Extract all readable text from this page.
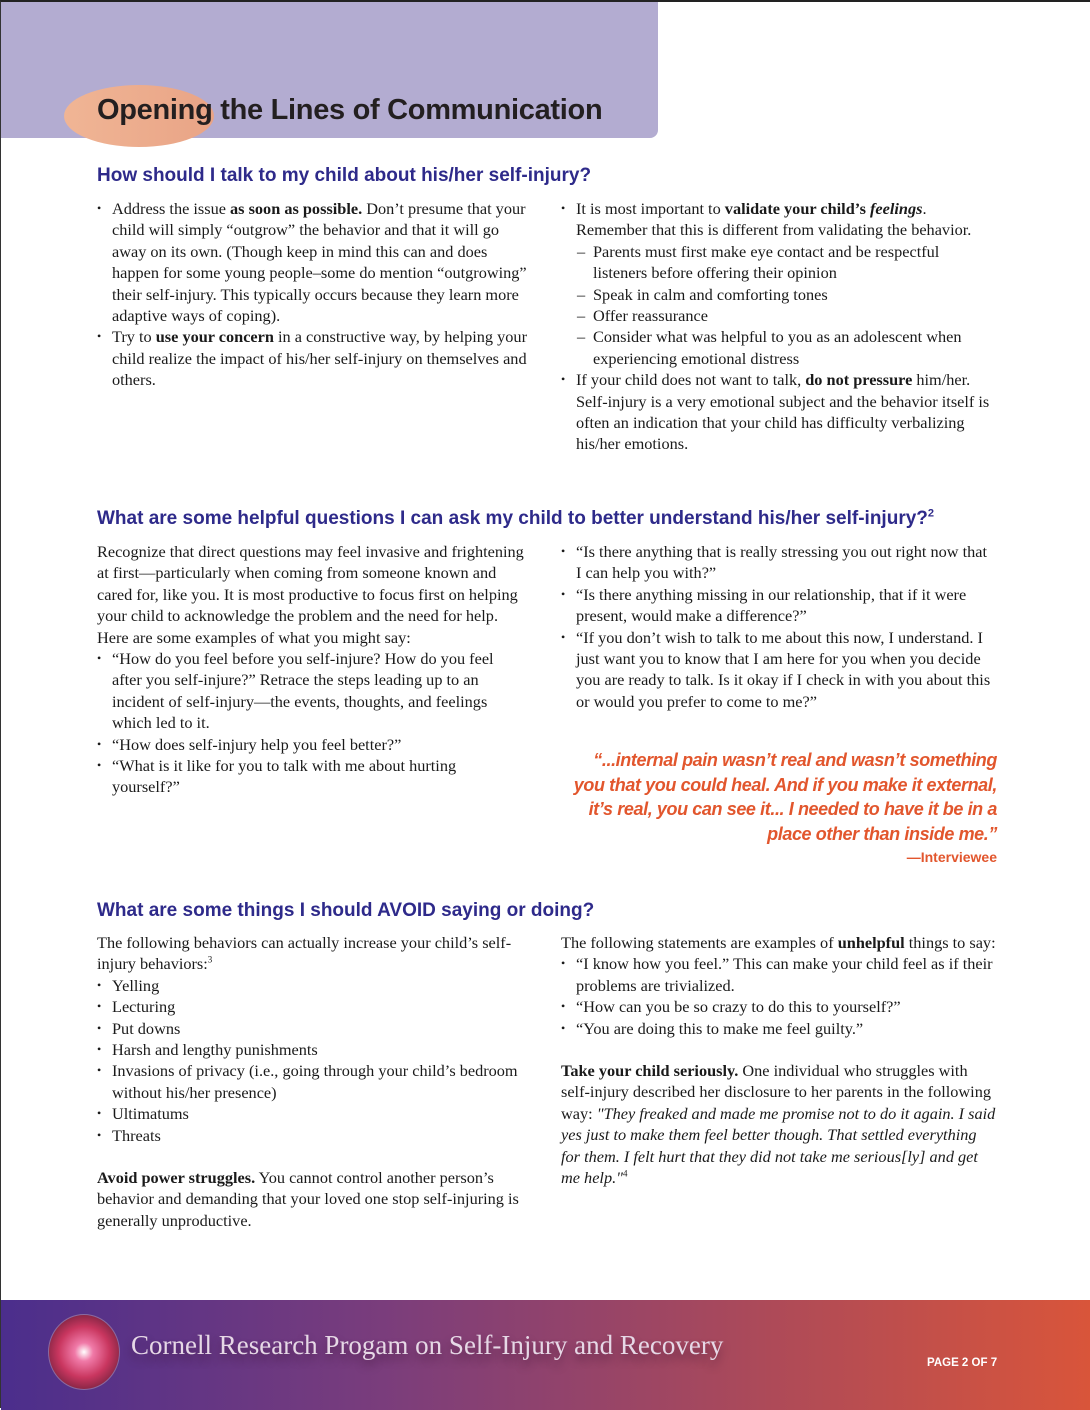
Opening the Lines of Communication
How should I talk to my child about his/her self-injury?
• Address the issue as soon as possible. Don’t presume that your child will simply “outgrow” the behavior and that it will go away on its own. (Though keep in mind this can and does happen for some young people–some do mention “outgrowing” their self-injury. This typically occurs because they learn more adaptive ways of coping).
• Try to use your concern in a constructive way, by helping your child realize the impact of his/her self-injury on themselves and others.
• It is most important to validate your child’s feelings. Remember that this is different from validating the behavior.
– Parents must first make eye contact and be respectful listeners before offering their opinion
– Speak in calm and comforting tones
– Offer reassurance
– Consider what was helpful to you as an adolescent when experiencing emotional distress
• If your child does not want to talk, do not pressure him/her. Self-injury is a very emotional subject and the behavior itself is often an indication that your child has difficulty verbalizing his/her emotions.
What are some helpful questions I can ask my child to better understand his/her self-injury?$^2$
Recognize that direct questions may feel invasive and frightening at first—particularly when coming from someone known and cared for, like you. It is most productive to focus first on helping your child to acknowledge the problem and the need for help. Here are some examples of what you might say:
• “How do you feel before you self-injure? How do you feel after you self-injure?” Retrace the steps leading up to an incident of self-injury—the events, thoughts, and feelings which led to it.
• “How does self-injury help you feel better?”
• “What is it like for you to talk with me about hurting yourself?”
• “Is there anything that is really stressing you out right now that I can help you with?”
• “Is there anything missing in our relationship, that if it were present, would make a difference?”
• “If you don’t wish to talk to me about this now, I understand. I just want you to know that I am here for you when you decide you are ready to talk. Is it okay if I check in with you about this or would you prefer to come to me?”
“...internal pain wasn’t real and wasn’t something you that you could heal. And if you make it external, it’s real, you can see it... I needed to have it be in a place other than inside me.”
—Interviewee
What are some things I should AVOID saying or doing?
The following behaviors can actually increase your child’s self-injury behaviors:$^3$
• Yelling
• Lecturing
• Put downs
• Harsh and lengthy punishments
• Invasions of privacy (i.e., going through your child’s bedroom without his/her presence)
• Ultimatums
• Threats
Avoid power struggles. You cannot control another person’s behavior and demanding that your loved one stop self-injuring is generally unproductive.
The following statements are examples of unhelpful things to say:
• “I know how you feel.” This can make your child feel as if their problems are trivialized.
• “How can you be so crazy to do this to yourself?”
• “You are doing this to make me feel guilty.”
Take your child seriously. One individual who struggles with self-injury described her disclosure to her parents in the following way: "They freaked and made me promise not to do it again. I said yes just to make them feel better though. That settled everything for them. I felt hurt that they did not take me serious[ly] and get me help."$^4$
Cornell Research Progam on Self-Injury and Recovery
PAGE 2 OF 7
